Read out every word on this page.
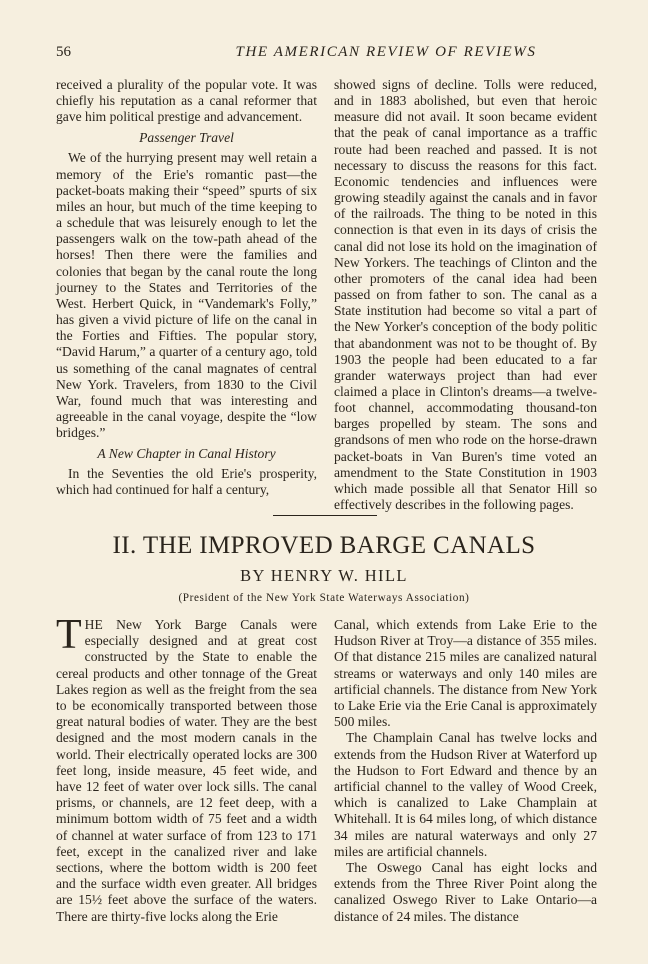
56	THE AMERICAN REVIEW OF REVIEWS

received a plurality of the popular vote. It was chiefly his reputation as a canal reformer that gave him political prestige and advancement.

Passenger Travel

We of the hurrying present may well retain a memory of the Erie's romantic past—the packet-boats making their “speed” spurts of six miles an hour, but much of the time keeping to a schedule that was leisurely enough to let the passengers walk on the tow-path ahead of the horses! Then there were the families and colonies that began by the canal route the long journey to the States and Territories of the West. Herbert Quick, in “Vandemark's Folly,” has given a vivid picture of life on the canal in the Forties and Fifties. The popular story, “David Harum,” a quarter of a century ago, told us something of the canal magnates of central New York. Travelers, from 1830 to the Civil War, found much that was interesting and agreeable in the canal voyage, despite the “low bridges.”

A New Chapter in Canal History

In the Seventies the old Erie's prosperity, which had continued for half a century,

showed signs of decline. Tolls were reduced, and in 1883 abolished, but even that heroic measure did not avail. It soon became evident that the peak of canal importance as a traffic route had been reached and passed. It is not necessary to discuss the reasons for this fact. Economic tendencies and influences were growing steadily against the canals and in favor of the railroads. The thing to be noted in this connection is that even in its days of crisis the canal did not lose its hold on the imagination of New Yorkers. The teachings of Clinton and the other promoters of the canal idea had been passed on from father to son. The canal as a State institution had become so vital a part of the New Yorker's conception of the body politic that abandonment was not to be thought of. By 1903 the people had been educated to a far grander waterways project than had ever claimed a place in Clinton's dreams—a twelve-foot channel, accommodating thousand-ton barges propelled by steam. The sons and grandsons of men who rode on the horse-drawn packet-boats in Van Buren's time voted an amendment to the State Constitution in 1903 which made possible all that Senator Hill so effectively describes in the following pages.

II. THE IMPROVED BARGE CANALS
BY HENRY W. HILL
(President of the New York State Waterways Association)

THE New York Barge Canals were especially designed and at great cost constructed by the State to enable the cereal products and other tonnage of the Great Lakes region as well as the freight from the sea to be economically transported between those great natural bodies of water. They are the best designed and the most modern canals in the world. Their electrically operated locks are 300 feet long, inside measure, 45 feet wide, and have 12 feet of water over lock sills. The canal prisms, or channels, are 12 feet deep, with a minimum bottom width of 75 feet and a width of channel at water surface of from 123 to 171 feet, except in the canalized river and lake sections, where the bottom width is 200 feet and the surface width even greater. All bridges are 15½ feet above the surface of the waters. There are thirty-five locks along the Erie

Canal, which extends from Lake Erie to the Hudson River at Troy—a distance of 355 miles. Of that distance 215 miles are canalized natural streams or waterways and only 140 miles are artificial channels. The distance from New York to Lake Erie via the Erie Canal is approximately 500 miles.

The Champlain Canal has twelve locks and extends from the Hudson River at Waterford up the Hudson to Fort Edward and thence by an artificial channel to the valley of Wood Creek, which is canalized to Lake Champlain at Whitehall. It is 64 miles long, of which distance 34 miles are natural waterways and only 27 miles are artificial channels.

The Oswego Canal has eight locks and extends from the Three River Point along the canalized Oswego River to Lake Ontario—a distance of 24 miles. The distance
